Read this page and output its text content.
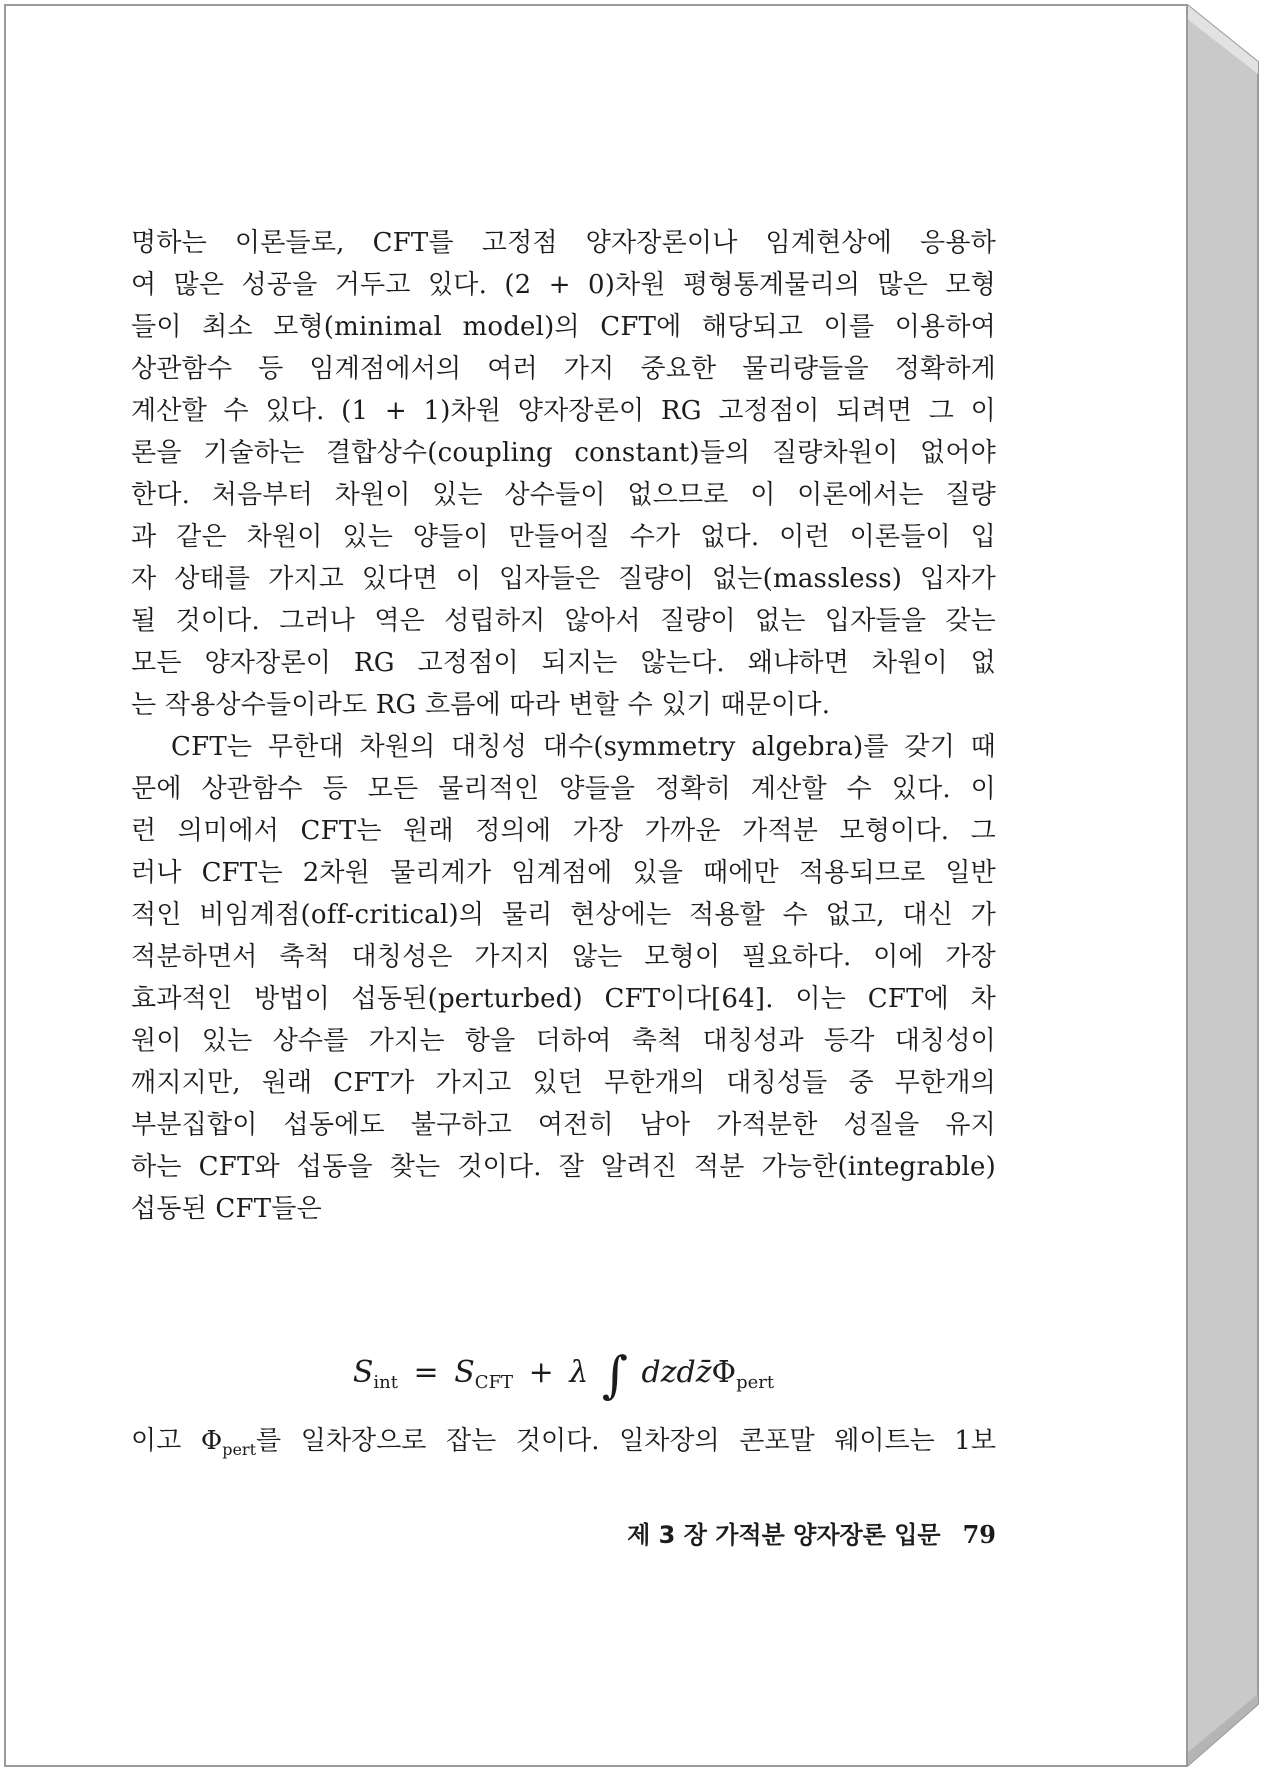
명하는 이론들로, CFT를 고정점 양자장론이나 임계현상에 응용하
여 많은 성공을 거두고 있다. (2 + 0)차원 평형통계물리의 많은 모형
들이 최소 모형(minimal model)의 CFT에 해당되고 이를 이용하여
상관함수 등 임계점에서의 여러 가지 중요한 물리량들을 정확하게
계산할 수 있다. (1 + 1)차원 양자장론이 RG 고정점이 되려면 그 이
론을 기술하는 결합상수(coupling constant)들의 질량차원이 없어야
한다. 처음부터 차원이 있는 상수들이 없으므로 이 이론에서는 질량
과 같은 차원이 있는 양들이 만들어질 수가 없다. 이런 이론들이 입
자 상태를 가지고 있다면 이 입자들은 질량이 없는(massless) 입자가
될 것이다. 그러나 역은 성립하지 않아서 질량이 없는 입자들을 갖는
모든 양자장론이 RG 고정점이 되지는 않는다. 왜냐하면 차원이 없
는 작용상수들이라도 RG 흐름에 따라 변할 수 있기 때문이다.
CFT는 무한대 차원의 대칭성 대수(symmetry algebra)를 갖기 때
문에 상관함수 등 모든 물리적인 양들을 정확히 계산할 수 있다. 이
런 의미에서 CFT는 원래 정의에 가장 가까운 가적분 모형이다. 그
러나 CFT는 2차원 물리계가 임계점에 있을 때에만 적용되므로 일반
적인 비임계점(off-critical)의 물리 현상에는 적용할 수 없고, 대신 가
적분하면서 축척 대칭성은 가지지 않는 모형이 필요하다. 이에 가장
효과적인 방법이 섭동된(perturbed) CFT이다[64]. 이는 CFT에 차
원이 있는 상수를 가지는 항을 더하여 축척 대칭성과 등각 대칭성이
깨지지만, 원래 CFT가 가지고 있던 무한개의 대칭성들 중 무한개의
부분집합이 섭동에도 불구하고 여전히 남아 가적분한 성질을 유지
하는 CFT와 섭동을 찾는 것이다. 잘 알려진 적분 가능한(integrable)
섭동된 CFT들은
$S_{int} = S_{CFT} + \lambda$ ∫ $dzdz̄\Phi_{pert}$
이고 $\Phi_{pert}$를 일차장으로 잡는 것이다. 일차장의 콘포말 웨이트는 1보
제 3 장 가적분 양자장론 입문 79
